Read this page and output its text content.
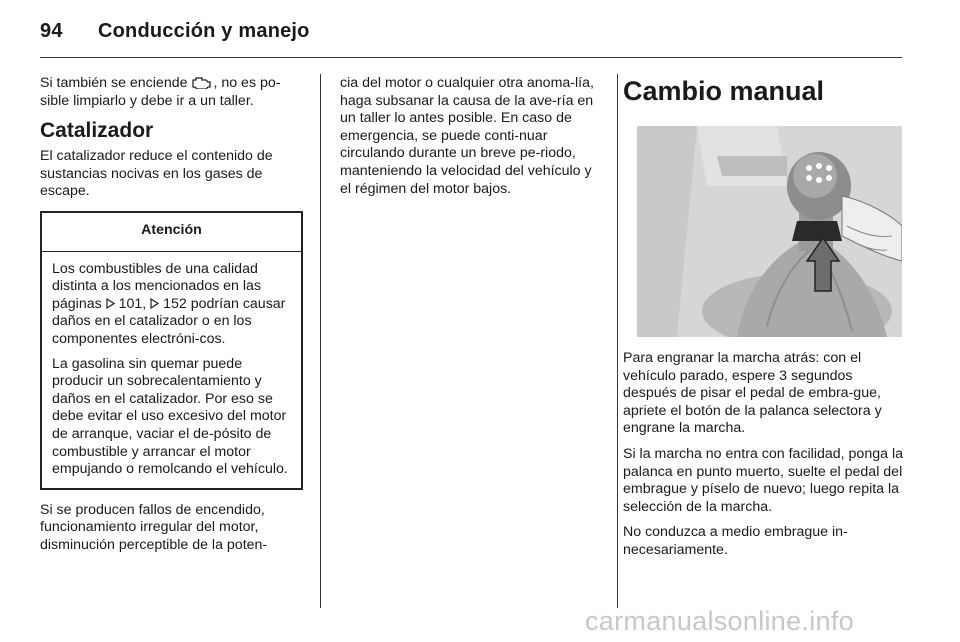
94 Conducción y manejo

Si también se enciende , no es po-sible limpiarlo y debe ir a un taller.

Catalizador

El catalizador reduce el contenido de sustancias nocivas en los gases de escape.

Atención

Los combustibles de una calidad distinta a los mencionados en las páginas 101, 152 podrían causar daños en el catalizador o en los componentes electróni-cos.

La gasolina sin quemar puede producir un sobrecalentamiento y daños en el catalizador. Por eso se debe evitar el uso excesivo del motor de arranque, vaciar el de-pósito de combustible y arrancar el motor empujando o remolcando el vehículo.

Si se producen fallos de encendido, funcionamiento irregular del motor, disminución perceptible de la poten-

cia del motor o cualquier otra anoma-lía, haga subsanar la causa de la ave-ría en un taller lo antes posible. En caso de emergencia, se puede conti-nuar circulando durante un breve pe-riodo, manteniendo la velocidad del vehículo y el régimen del motor bajos.

Cambio manual

Para engranar la marcha atrás: con el vehículo parado, espere 3 segundos después de pisar el pedal de embra-gue, apriete el botón de la palanca selectora y engrane la marcha.

Si la marcha no entra con facilidad, ponga la palanca en punto muerto, suelte el pedal del embrague y píselo de nuevo; luego repita la selección de la marcha.

No conduzca a medio embrague in-necesariamente.

carmanualsonline.info
